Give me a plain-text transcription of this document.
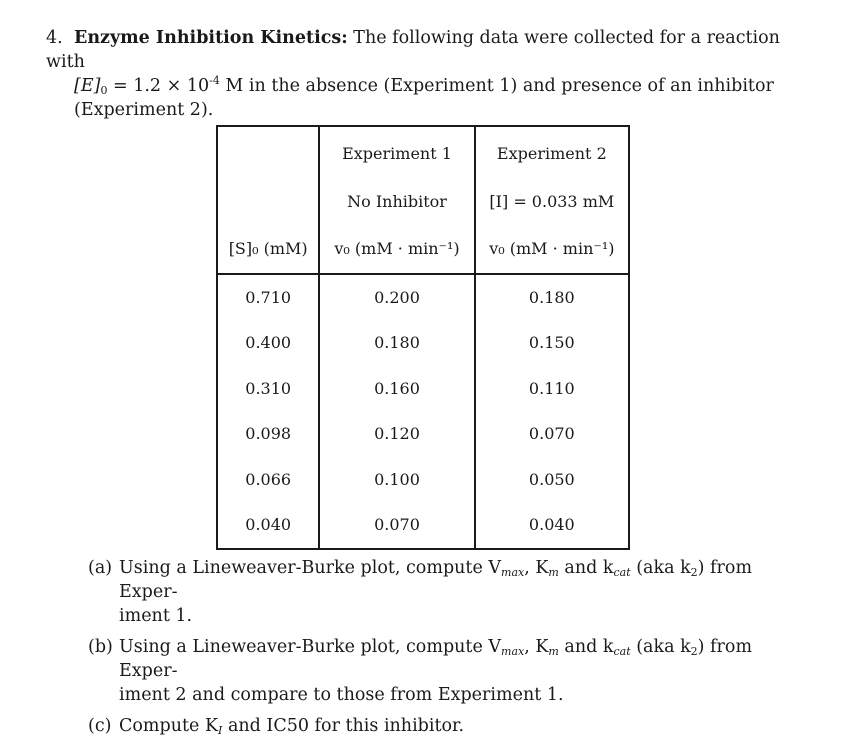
4. Enzyme Inhibition Kinetics: The following data were collected for a reaction with
$[E]_0 = 1.2 \times 10^{-4}$ M in the absence (Experiment 1) and presence of an inhibitor
(Experiment 2).
	Experiment 1	Experiment 2
	No Inhibitor	[I] = 0.033 mM
[S]₀ (mM)	v₀ (mM · min⁻¹)	v₀ (mM · min⁻¹)
0.710	0.200	0.180
0.400	0.180	0.150
0.310	0.160	0.110
0.098	0.120	0.070
0.066	0.100	0.050
0.040	0.070	0.040
(a) Using a Lineweaver-Burke plot, compute $V_{max}$, $K_m$ and $k_{cat}$ (aka $k_2$) from Exper-
iment 1.
(b) Using a Lineweaver-Burke plot, compute $V_{max}$, $K_m$ and $k_{cat}$ (aka $k_2$) from Exper-
iment 2 and compare to those from Experiment 1.
(c) Compute $K_I$ and IC50 for this inhibitor.
